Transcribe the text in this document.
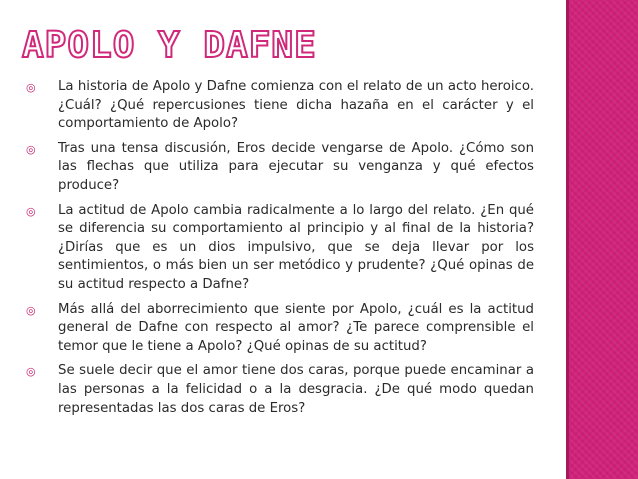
APOLO Y DAFNE
◎ La historia de Apolo y Dafne comienza con el relato de un acto heroico. ¿Cuál? ¿Qué repercusiones tiene dicha hazaña en el carácter y el comportamiento de Apolo?
◎ Tras una tensa discusión, Eros decide vengarse de Apolo. ¿Cómo son las flechas que utiliza para ejecutar su venganza y qué efectos produce?
◎ La actitud de Apolo cambia radicalmente a lo largo del relato. ¿En qué se diferencia su comportamiento al principio y al final de la historia? ¿Dirías que es un dios impulsivo, que se deja llevar por los sentimientos, o más bien un ser metódico y prudente? ¿Qué opinas de su actitud respecto a Dafne?
◎ Más allá del aborrecimiento que siente por Apolo, ¿cuál es la actitud general de Dafne con respecto al amor? ¿Te parece comprensible el temor que le tiene a Apolo? ¿Qué opinas de su actitud?
◎ Se suele decir que el amor tiene dos caras, porque puede encaminar a las personas a la felicidad o a la desgracia. ¿De qué modo quedan representadas las dos caras de Eros?
